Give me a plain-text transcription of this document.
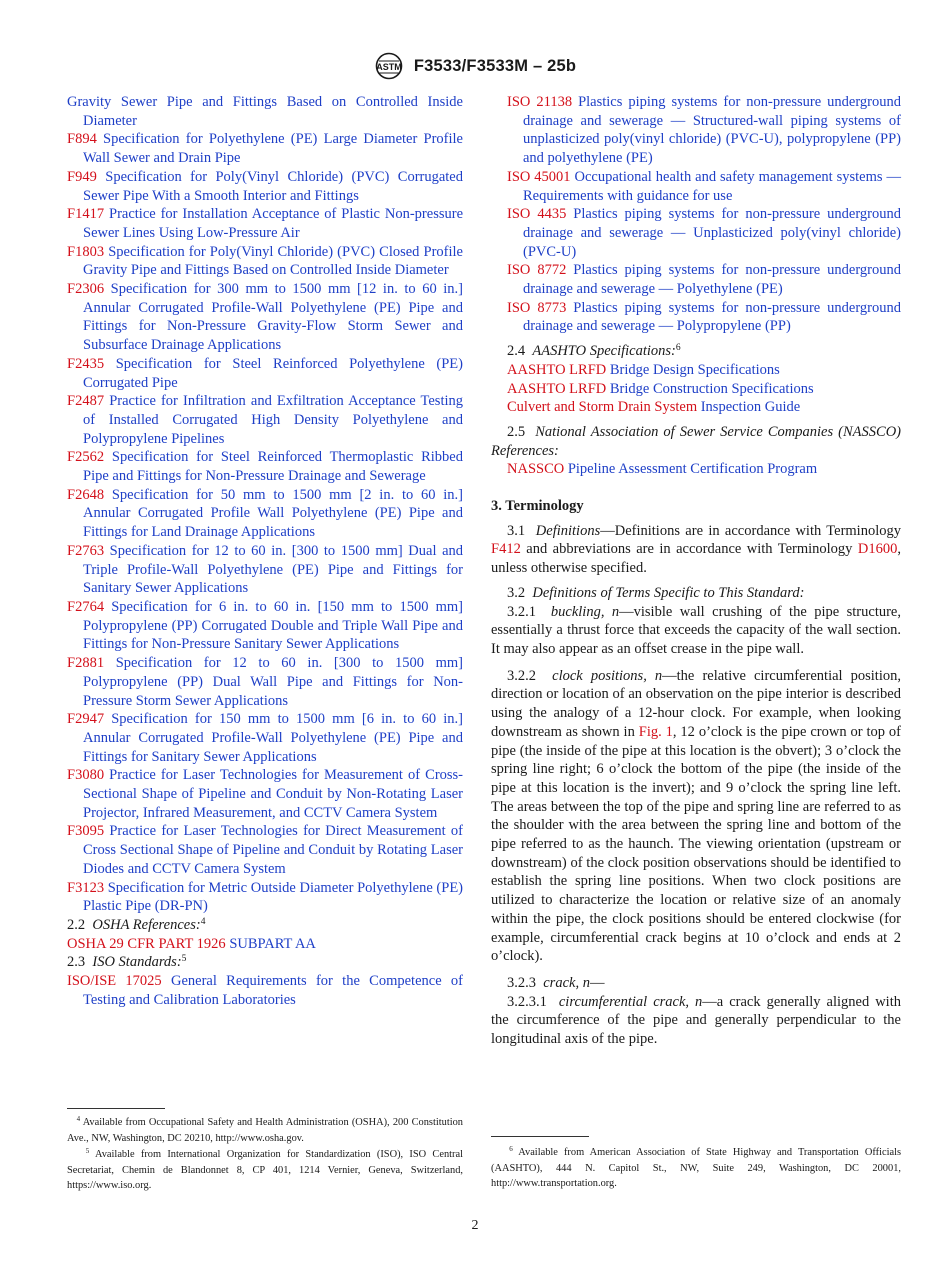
ASTM F3533/F3533M – 25b

Gravity Sewer Pipe and Fittings Based on Controlled Inside Diameter

F894 Specification for Polyethylene (PE) Large Diameter Profile Wall Sewer and Drain Pipe

F949 Specification for Poly(Vinyl Chloride) (PVC) Corrugated Sewer Pipe With a Smooth Interior and Fittings

F1417 Practice for Installation Acceptance of Plastic Non-pressure Sewer Lines Using Low-Pressure Air

F1803 Specification for Poly(Vinyl Chloride) (PVC) Closed Profile Gravity Pipe and Fittings Based on Controlled Inside Diameter

F2306 Specification for 300 mm to 1500 mm [12 in. to 60 in.] Annular Corrugated Profile-Wall Polyethylene (PE) Pipe and Fittings for Non-Pressure Gravity-Flow Storm Sewer and Subsurface Drainage Applications

F2435 Specification for Steel Reinforced Polyethylene (PE) Corrugated Pipe

F2487 Practice for Infiltration and Exfiltration Acceptance Testing of Installed Corrugated High Density Polyethylene and Polypropylene Pipelines

F2562 Specification for Steel Reinforced Thermoplastic Ribbed Pipe and Fittings for Non-Pressure Drainage and Sewerage

F2648 Specification for 50 mm to 1500 mm [2 in. to 60 in.] Annular Corrugated Profile Wall Polyethylene (PE) Pipe and Fittings for Land Drainage Applications

F2763 Specification for 12 to 60 in. [300 to 1500 mm] Dual and Triple Profile-Wall Polyethylene (PE) Pipe and Fittings for Sanitary Sewer Applications

F2764 Specification for 6 in. to 60 in. [150 mm to 1500 mm] Polypropylene (PP) Corrugated Double and Triple Wall Pipe and Fittings for Non-Pressure Sanitary Sewer Applications

F2881 Specification for 12 to 60 in. [300 to 1500 mm] Polypropylene (PP) Dual Wall Pipe and Fittings for Non-Pressure Storm Sewer Applications

F2947 Specification for 150 mm to 1500 mm [6 in. to 60 in.] Annular Corrugated Profile-Wall Polyethylene (PE) Pipe and Fittings for Sanitary Sewer Applications

F3080 Practice for Laser Technologies for Measurement of Cross-Sectional Shape of Pipeline and Conduit by Non-Rotating Laser Projector, Infrared Measurement, and CCTV Camera System

F3095 Practice for Laser Technologies for Direct Measurement of Cross Sectional Shape of Pipeline and Conduit by Rotating Laser Diodes and CCTV Camera System

F3123 Specification for Metric Outside Diameter Polyethylene (PE) Plastic Pipe (DR-PN)

2.2 OSHA References:$^4$

OSHA 29 CFR PART 1926 SUBPART AA

2.3 ISO Standards:$^5$

ISO/ISE 17025 General Requirements for the Competence of Testing and Calibration Laboratories

ISO 21138 Plastics piping systems for non-pressure underground drainage and sewerage — Structured-wall piping systems of unplasticized poly(vinyl chloride) (PVC-U), polypropylene (PP) and polyethylene (PE)

ISO 45001 Occupational health and safety management systems — Requirements with guidance for use

ISO 4435 Plastics piping systems for non-pressure underground drainage and sewerage — Unplasticized poly(vinyl chloride) (PVC-U)

ISO 8772 Plastics piping systems for non-pressure underground drainage and sewerage — Polyethylene (PE)

ISO 8773 Plastics piping systems for non-pressure underground drainage and sewerage — Polypropylene (PP)

2.4 AASHTO Specifications:$^6$

AASHTO LRFD Bridge Design Specifications

AASHTO LRFD Bridge Construction Specifications

Culvert and Storm Drain System Inspection Guide

2.5 National Association of Sewer Service Companies (NASSCO) References:

NASSCO Pipeline Assessment Certification Program

3. Terminology

3.1 Definitions—Definitions are in accordance with Terminology F412 and abbreviations are in accordance with Terminology D1600, unless otherwise specified.

3.2 Definitions of Terms Specific to This Standard:

3.2.1 buckling, n—visible wall crushing of the pipe structure, essentially a thrust force that exceeds the capacity of the wall section. It may also appear as an offset crease in the pipe wall.

3.2.2 clock positions, n—the relative circumferential position, direction or location of an observation on the pipe interior is described using the analogy of a 12-hour clock. For example, when looking downstream as shown in Fig. 1, 12 o’clock is the pipe crown or top of pipe (the inside of the pipe at this location is the obvert); 3 o’clock the spring line right; 6 o’clock the bottom of the pipe (the inside of the pipe at this location is the invert); and 9 o’clock the spring line left. The areas between the top of the pipe and spring line are referred to as the shoulder with the area between the spring line and bottom of the pipe referred to as the haunch. The viewing orientation (upstream or downstream) of the clock position observations should be identified to establish the spring line positions. When two clock positions are utilized to characterize the location or relative size of an anomaly within the pipe, the clock positions should be entered clockwise (for example, circumferential crack begins at 10 o’clock and ends at 2 o’clock).

3.2.3 crack, n—

3.2.3.1 circumferential crack, n—a crack generally aligned with the circumference of the pipe and generally perpendicular to the longitudinal axis of the pipe.

$^4$ Available from Occupational Safety and Health Administration (OSHA), 200 Constitution Ave., NW, Washington, DC 20210, http://www.osha.gov.
$^5$ Available from International Organization for Standardization (ISO), ISO Central Secretariat, Chemin de Blandonnet 8, CP 401, 1214 Vernier, Geneva, Switzerland, https://www.iso.org.
$^6$ Available from American Association of State Highway and Transportation Officials (AASHTO), 444 N. Capitol St., NW, Suite 249, Washington, DC 20001, http://www.transportation.org.
2
